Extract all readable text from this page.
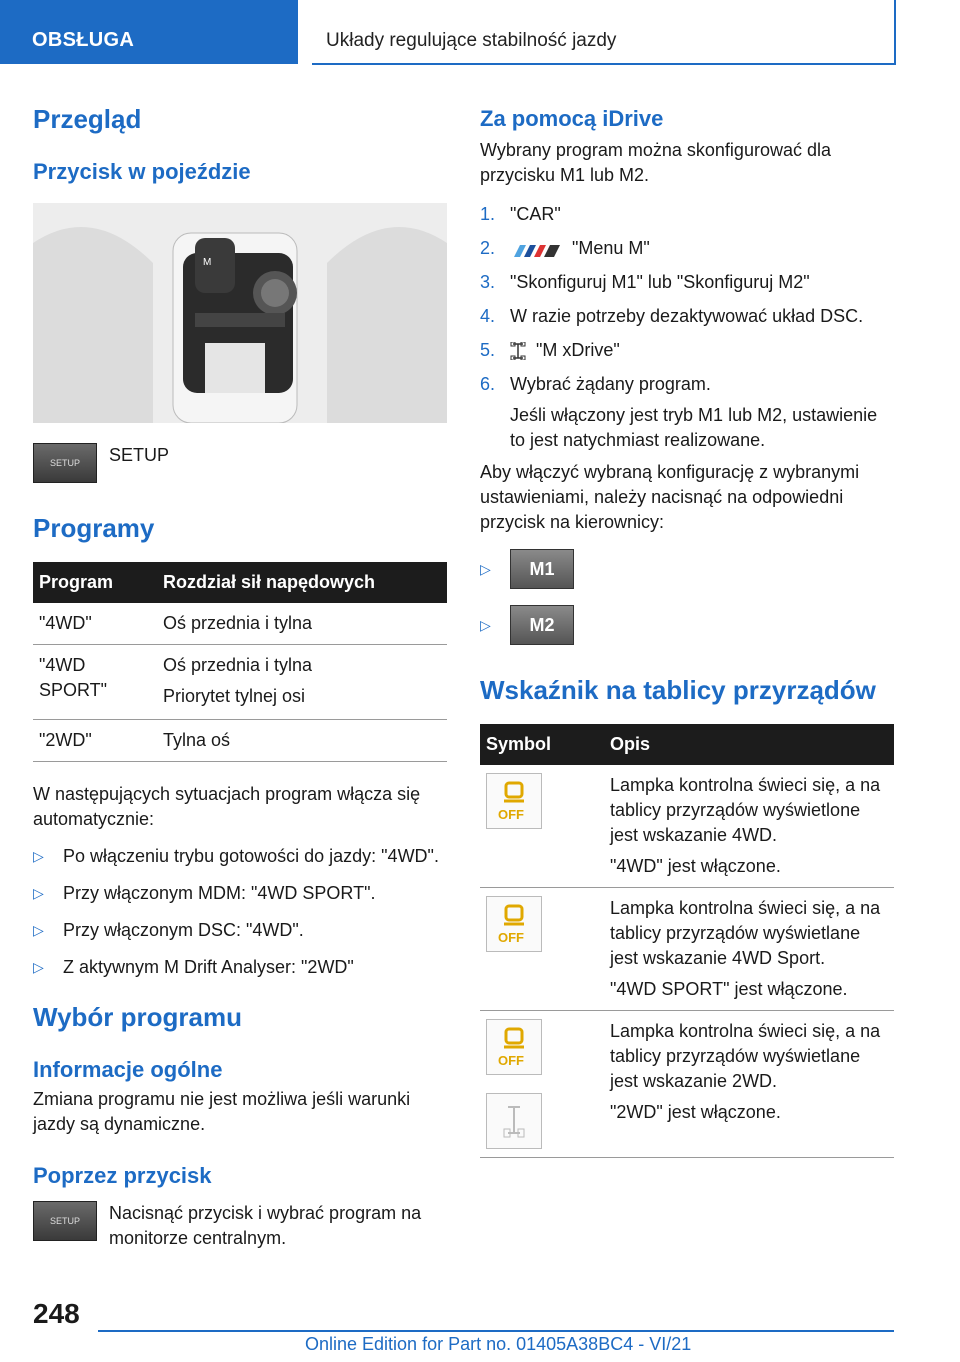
OBSŁUGA	Układy regulujące stabilność jazdy
Przegląd
Przycisk w pojeździe
M
SETUP SETUP

Programy
Program	Rozdział sił napędowych
"4WD"	Oś przednia i tylna
"4WD SPORT"	Oś przednia i tylna
Priorytet tylnej osi

"2WD"	Tylna oś

W następujących sytuacjach program włącza się automatycznie:

▷ Po włączeniu trybu gotowości do jazdy: "4WD".
▷ Przy włączonym MDM: "4WD SPORT".
▷ Przy włączonym DSC: "4WD".
▷ Z aktywnym M Drift Analyser: "2WD"
Wybór programu
Informacje ogólne

Zmiana programu nie jest możliwa jeśli warunki jazdy są dynamiczne.

Poprzez przycisk
SETUP Nacisnąć przycisk i wybrać program na monitorze centralnym.

Za pomocą iDrive

Wybrany program można skonfigurować dla przycisku M1 lub M2.

1. "CAR"
2.	"Menu M"
3. "Skonfiguruj M1" lub "Skonfiguruj M2"
4. W razie potrzeby dezaktywować układ DSC.
5. "M xDrive"
6. Wybrać żądany program.
Jeśli włączony jest tryb M1 lub M2, ustawienie to jest natychmiast realizowane.

Aby włączyć wybraną konfigurację z wybranymi ustawieniami, należy nacisnąć na odpowiedni przycisk na kierownicy:

▷	M1
▷	M2
Wskaźnik na tablicy przyrządów
Symbol	Opis

OFF	Lampka kontrolna świeci się, a na tablicy przyrządów wyświetlone jest wskazanie 4WD.
"4WD" jest włączone.

OFF	Lampka kontrolna świeci się, a na tablicy przyrządów wyświetlane jest wskazanie 4WD Sport.
"4WD SPORT" jest włączone.

OFF	Lampka kontrolna świeci się, a na tablicy przyrządów wyświetlane jest wskazanie 2WD.
"2WD" jest włączone.
248
Online Edition for Part no. 01405A38BC4 - VI/21
